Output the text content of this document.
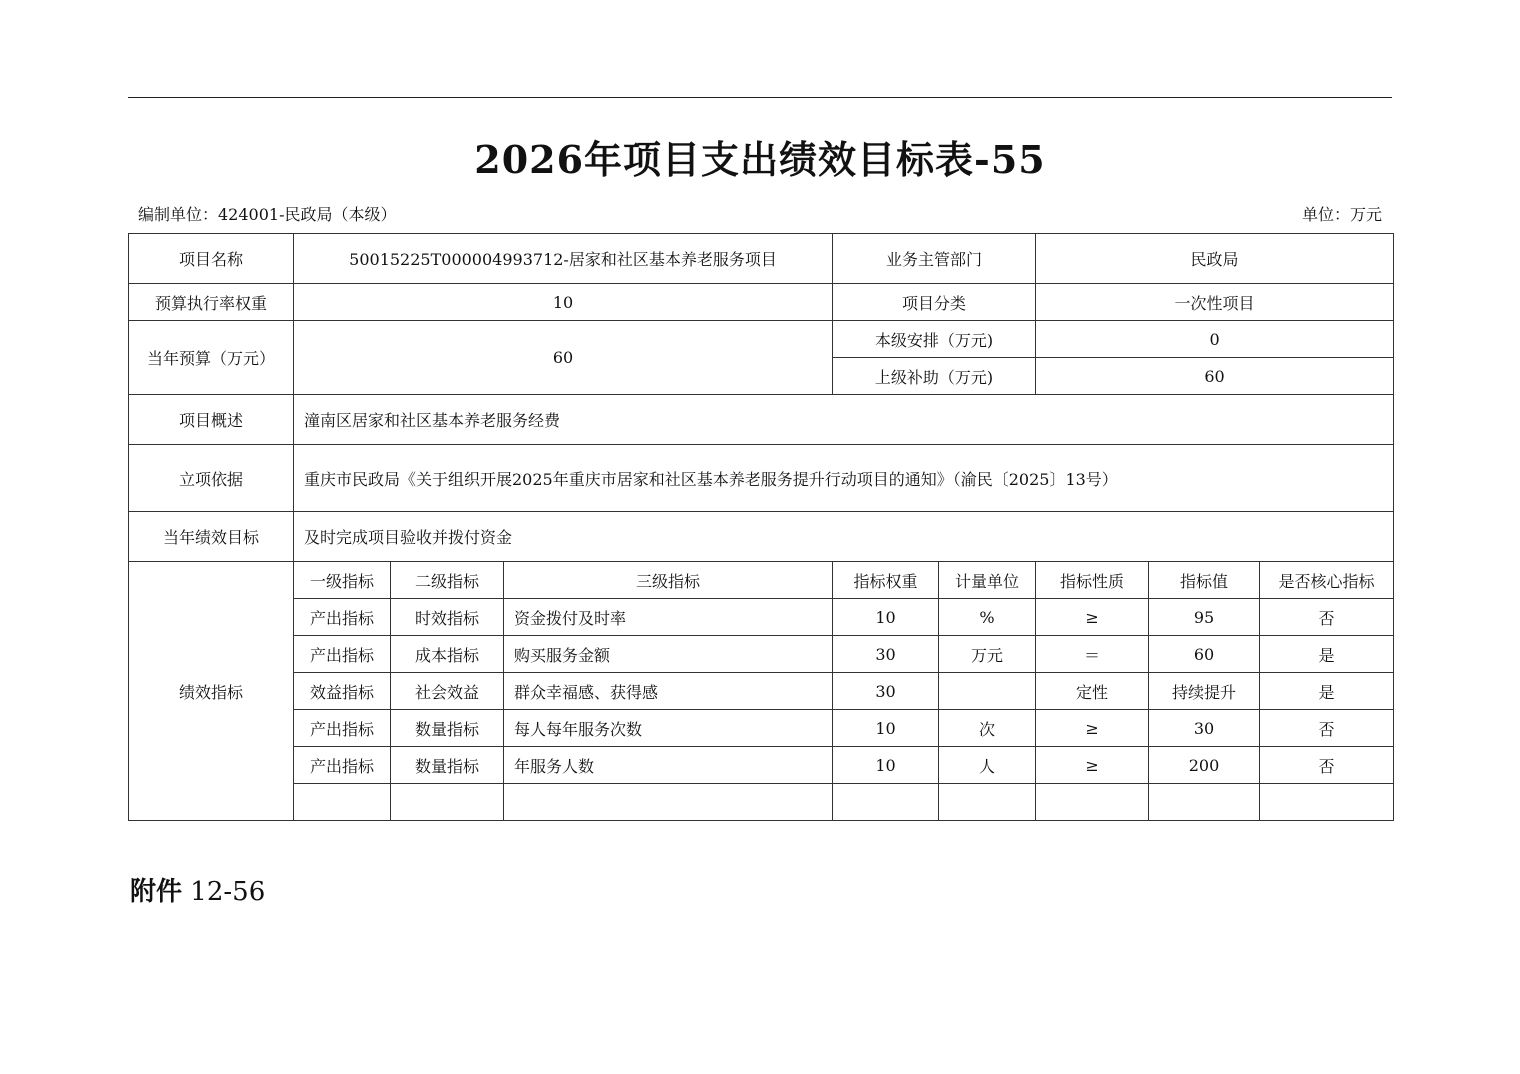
2026年项目支出绩效目标表-55
编制单位：424001-民政局（本级）	单位：万元
项目名称	50015225T000004993712-居家和社区基本养老服务项目			业务主管部门		民政局		
预算执行率权重	10			项目分类		一次性项目		
当年预算（万元）	60			本级安排（万元)		0		
				上级补助（万元)		60		
项目概述	潼南区居家和社区基本养老服务经费							
立项依据	重庆市民政局《关于组织开展2025年重庆市居家和社区基本养老服务提升行动项目的通知》（渝民〔2025〕13号）							
当年绩效目标	及时完成项目验收并拨付资金							
绩效指标	一级指标	二级指标	三级指标	指标权重	计量单位	指标性质	指标值	是否核心指标
	产出指标	时效指标	资金拨付及时率	10	%	≥	95	否
	产出指标	成本指标	购买服务金额	30	万元	＝	60	是
	效益指标	社会效益	群众幸福感、获得感	30		定性	持续提升	是
	产出指标	数量指标	每人每年服务次数	10	次	≥	30	否
	产出指标	数量指标	年服务人数	10	人	≥	200	否

附件 12-56
